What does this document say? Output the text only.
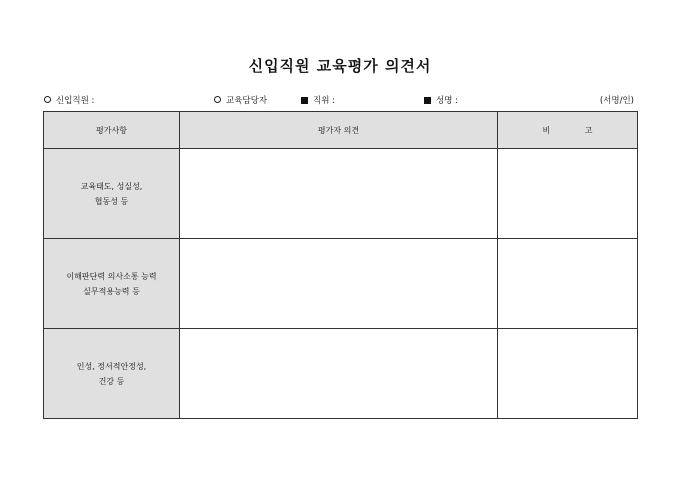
신입직원 교육평가 의견서
신입직원 :	교육담당자	직위 :	성명 :	(서명/인)
평가사항	평가자 의견	비 고

교육태도, 성실성,
협동성 등		

이해판단력 의사소통 능력
실무적용능력 등		

인성, 정서적안정성,
건강 등		
